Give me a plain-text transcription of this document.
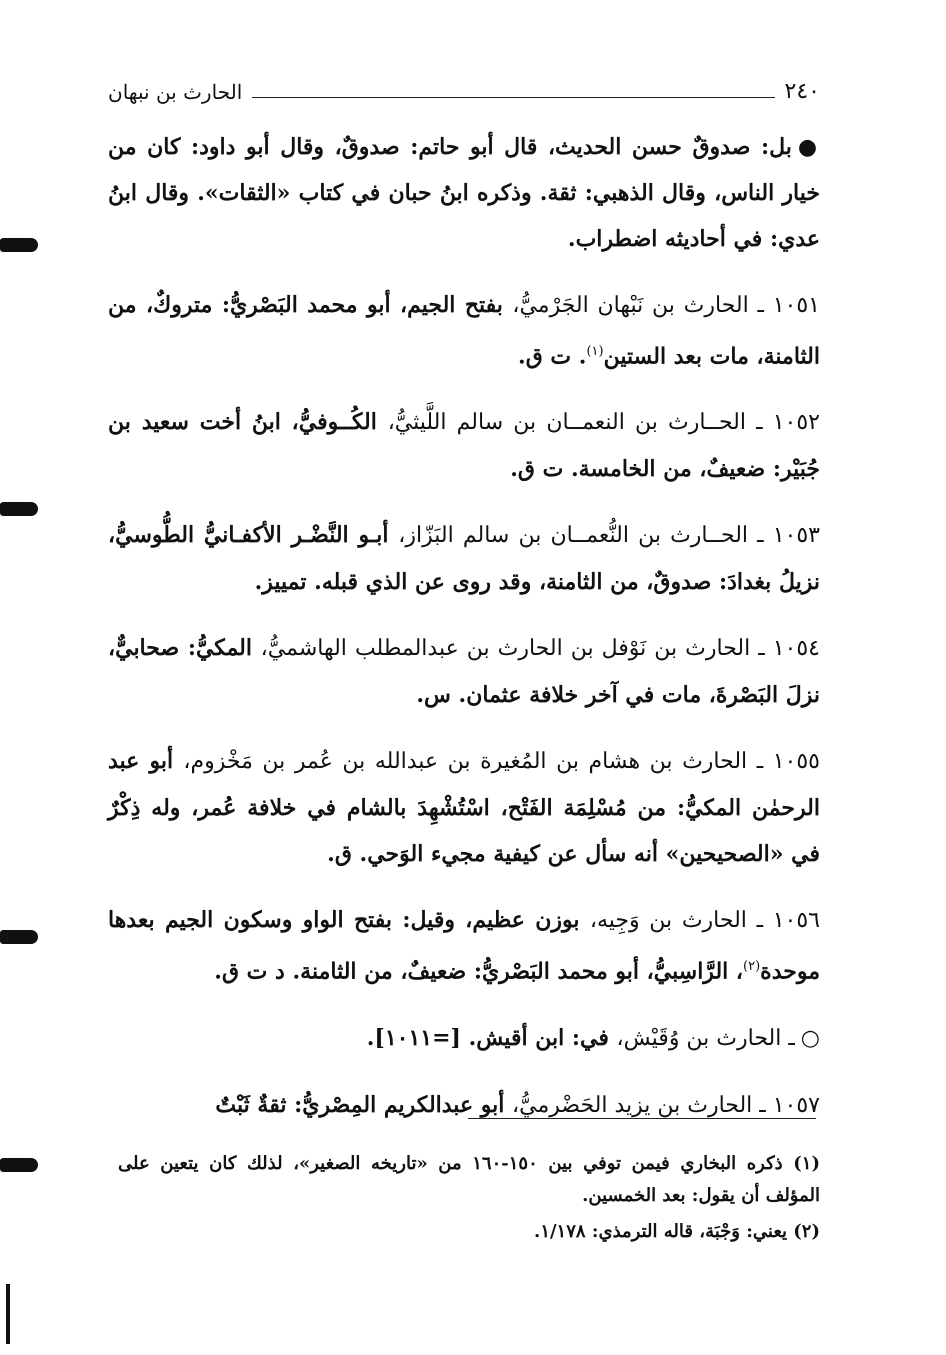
٢٤٠
الحارث بن نبهان

●بل: صدوقٌ حسن الحديث، قال أبو حاتم: صدوقٌ، وقال أبو داود: كان من خيار الناس، وقال الذهبي: ثقة. وذكره ابنُ حبان في كتاب «الثقات». وقال ابنُ عدي: في أحاديثه اضطراب.

١٠٥١ ـ الحارث بن نَبْهان الجَرْميُّ، بفتح الجيم، أبو محمد البَصْريُّ: متروكٌ، من الثامنة، مات بعد الستين$^{(١)}$. ت ق.

١٠٥٢ ـ الحــارث بن النعمــان بن سالم اللَّيثيُّ، الكُــوفيُّ، ابنُ أخت سعيد بن جُبَيْر: ضعيفٌ، من الخامسة. ت ق.

١٠٥٣ ـ الحــارث بن النُّعمــان بن سالم البَزّاز، أبـو النَّضْـر الأكفـانيُّ الطُّوسيُّ، نزيلُ بغدادَ: صدوقٌ، من الثامنة، وقد روى عن الذي قبله. تمييز.

١٠٥٤ ـ الحارث بن نَوْفل بن الحارث بن عبدالمطلب الهاشميُّ، المكيُّ: صحابيٌّ، نزلَ البَصْرةَ، مات في آخر خلافة عثمان. س.

١٠٥٥ ـ الحارث بن هشام بن المُغيرة بن عبدالله بن عُمر بن مَخْزوم، أبو عبد الرحمٰن المكيُّ: من مُسْلِمَة الفَتْح، اسْتُشْهِدَ بالشام في خلافة عُمر، وله ذِكْرٌ في «الصحيحين» أنه سأل عن كيفية مجيء الوَحي. ق.

١٠٥٦ ـ الحارث بن وَجِيه، بوزن عظيم، وقيل: بفتح الواو وسكون الجيم بعدها موحدة$^{(٢)}$، الرَّاسِبيُّ، أبو محمد البَصْريُّ: ضعيفٌ، من الثامنة. د ت ق.

○ـ الحارث بن وُقَيْش، في: ابن أقيش. [=١٠١١].

١٠٥٧ ـ الحارث بن يزيد الحَضْرميُّ، أبو عبدالكريم المِصْريُّ: ثقةٌ ثَبْتٌ

(١) ذكره البخاري فيمن توفي بين ١٥٠-١٦٠ من «تاريخه الصغير»، لذلك كان يتعين على المؤلف أن يقول: بعد الخمسين.

(٢) يعني: وَجْبَة، قاله الترمذي: ١/١٧٨.
